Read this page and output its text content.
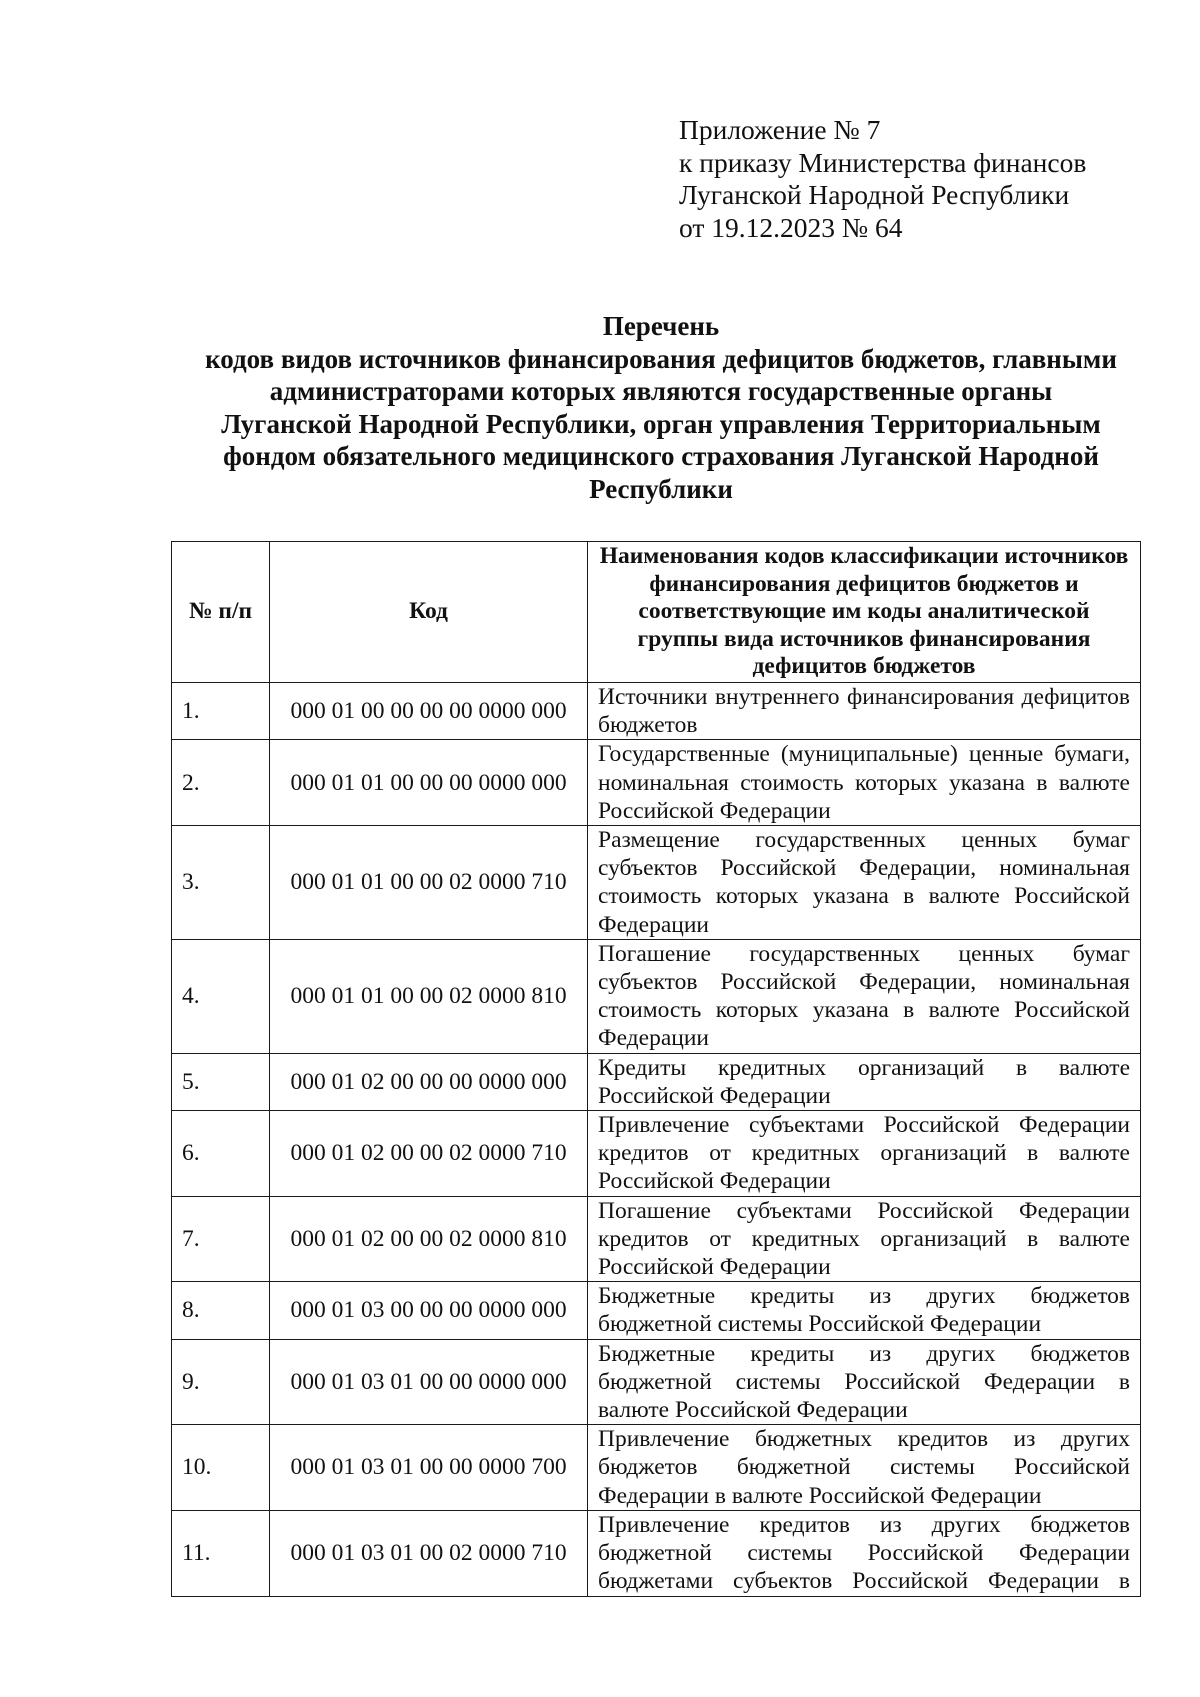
Приложение № 7
к приказу Министерства финансов
Луганской Народной Республики
от 19.12.2023 № 64
Перечень
кодов видов источников финансирования дефицитов бюджетов, главными
администраторами которых являются государственные органы
Луганской Народной Республики, орган управления Территориальным
фондом обязательного медицинского страхования Луганской Народной
Республики
№ п/п	Код	Наименования кодов классификации источников финансирования дефицитов бюджетов и соответствующие им коды аналитической группы вида источников финансирования дефицитов бюджетов
1.	000 01 00 00 00 00 0000 000	Источники внутреннего финансирования дефицитов бюджетов
2.	000 01 01 00 00 00 0000 000	Государственные (муниципальные) ценные бумаги, номинальная стоимость которых указана в валюте Российской Федерации
3.	000 01 01 00 00 02 0000 710	Размещение государственных ценных бумаг субъектов Российской Федерации, номинальная стоимость которых указана в валюте Российской Федерации
4.	000 01 01 00 00 02 0000 810	Погашение государственных ценных бумаг субъектов Российской Федерации, номинальная стоимость которых указана в валюте Российской Федерации
5.	000 01 02 00 00 00 0000 000	Кредиты кредитных организаций в валюте Российской Федерации
6.	000 01 02 00 00 02 0000 710	Привлечение субъектами Российской Федерации кредитов от кредитных организаций в валюте Российской Федерации
7.	000 01 02 00 00 02 0000 810	Погашение субъектами Российской Федерации кредитов от кредитных организаций в валюте Российской Федерации
8.	000 01 03 00 00 00 0000 000	Бюджетные кредиты из других бюджетов бюджетной системы Российской Федерации
9.	000 01 03 01 00 00 0000 000	Бюджетные кредиты из других бюджетов бюджетной системы Российской Федерации в валюте Российской Федерации
10.	000 01 03 01 00 00 0000 700	Привлечение бюджетных кредитов из других бюджетов бюджетной системы Российской Федерации в валюте Российской Федерации
11.	000 01 03 01 00 02 0000 710	Привлечение кредитов из других бюджетов бюджетной системы Российской Федерации бюджетами субъектов Российской Федерации в
